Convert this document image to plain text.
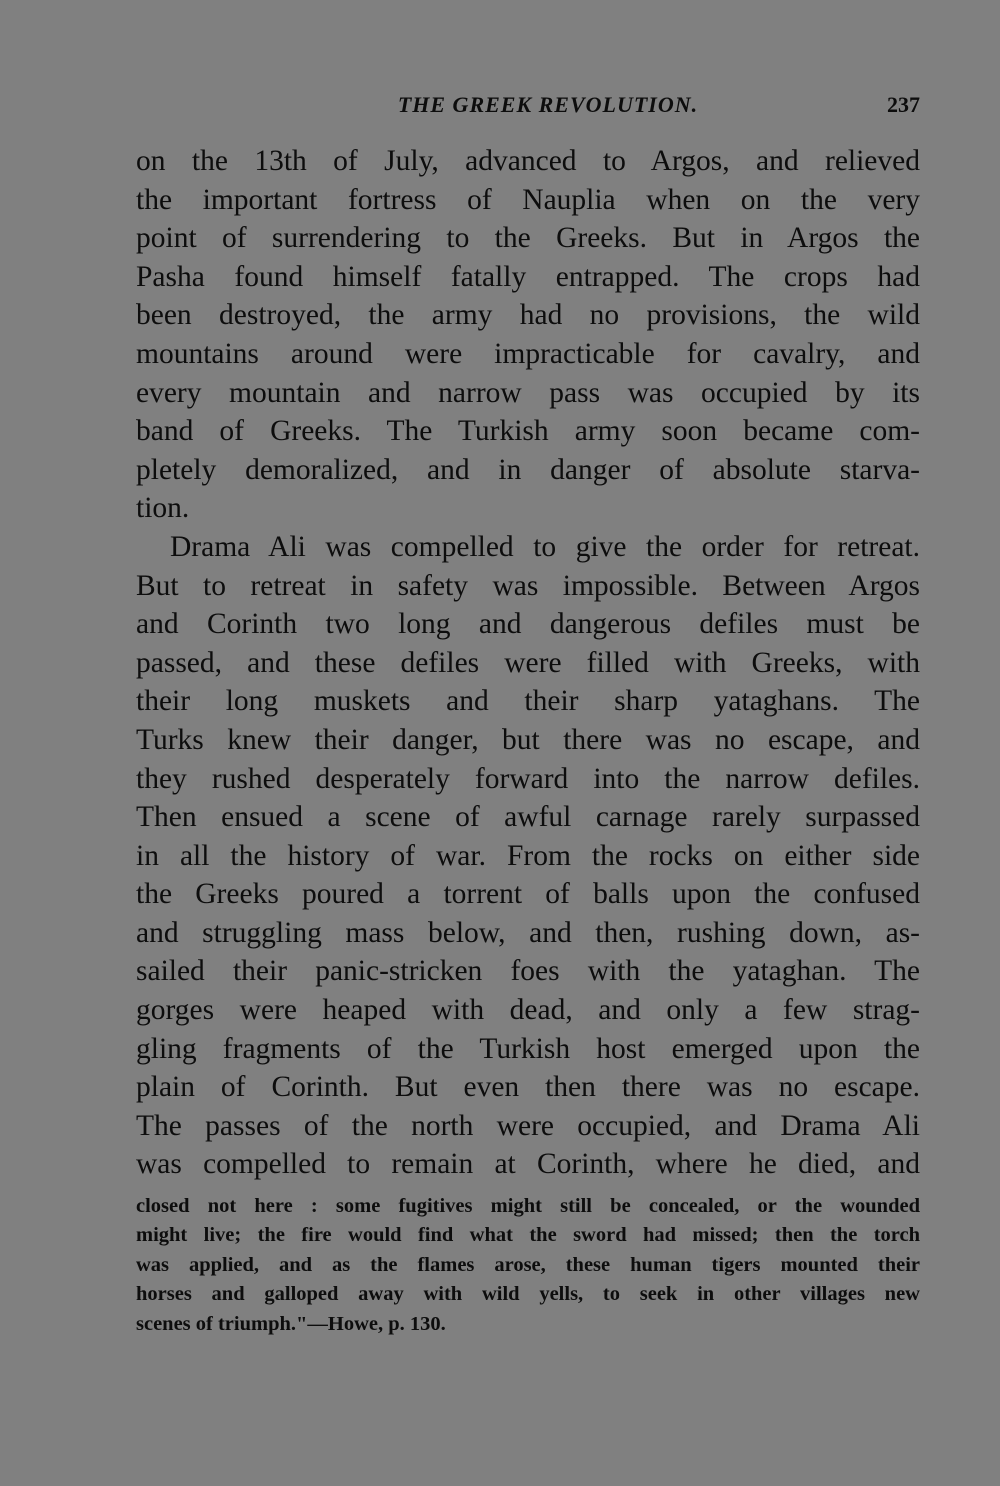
THE GREEK REVOLUTION.	237
on the 13th of July, advanced to Argos, and relieved
the important fortress of Nauplia when on the very
point of surrendering to the Greeks. But in Argos the
Pasha found himself fatally entrapped. The crops had
been destroyed, the army had no provisions, the wild
mountains around were impracticable for cavalry, and
every mountain and narrow pass was occupied by its
band of Greeks. The Turkish army soon became com-
pletely demoralized, and in danger of absolute starva-
tion.
Drama Ali was compelled to give the order for retreat.
But to retreat in safety was impossible. Between Argos
and Corinth two long and dangerous defiles must be
passed, and these defiles were filled with Greeks, with
their long muskets and their sharp yataghans. The
Turks knew their danger, but there was no escape, and
they rushed desperately forward into the narrow defiles.
Then ensued a scene of awful carnage rarely surpassed
in all the history of war. From the rocks on either side
the Greeks poured a torrent of balls upon the confused
and struggling mass below, and then, rushing down, as-
sailed their panic-stricken foes with the yataghan. The
gorges were heaped with dead, and only a few strag-
gling fragments of the Turkish host emerged upon the
plain of Corinth. But even then there was no escape.
The passes of the north were occupied, and Drama Ali
was compelled to remain at Corinth, where he died, and
closed not here : some fugitives might still be concealed, or the wounded
might live; the fire would find what the sword had missed; then the torch
was applied, and as the flames arose, these human tigers mounted their
horses and galloped away with wild yells, to seek in other villages new
scenes of triumph."—Howe, p. 130.
